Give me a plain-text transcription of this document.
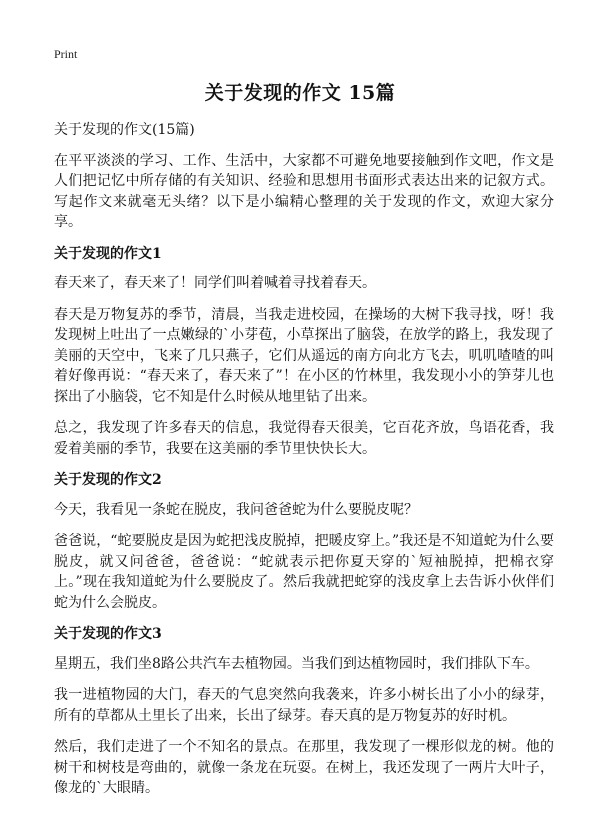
Print
关于发现的作文 15篇

关于发现的作文(15篇)

在平平淡淡的学习、工作、生活中，大家都不可避免地要接触到作文吧，作文是人们把记忆中所存储的有关知识、经验和思想用书面形式表达出来的记叙方式。写起作文来就毫无头绪？以下是小编精心整理的关于发现的作文，欢迎大家分享。

关于发现的作文1

春天来了，春天来了！同学们叫着喊着寻找着春天。

春天是万物复苏的季节，清晨，当我走进校园，在操场的大树下我寻找，呀！我发现树上吐出了一点嫩绿的`小芽苞，小草探出了脑袋，在放学的路上，我发现了美丽的天空中，飞来了几只燕子，它们从遥远的南方向北方飞去，叽叽喳喳的叫着好像再说：“春天来了，春天来了”！在小区的竹林里，我发现小小的笋芽儿也探出了小脑袋，它不知是什么时候从地里钻了出来。

总之，我发现了许多春天的信息，我觉得春天很美，它百花齐放，鸟语花香，我爱着美丽的季节，我要在这美丽的季节里快快长大。

关于发现的作文2

今天，我看见一条蛇在脱皮，我问爸爸蛇为什么要脱皮呢？

爸爸说，“蛇要脱皮是因为蛇把浅皮脱掉，把暖皮穿上。”我还是不知道蛇为什么要脱皮，就又问爸爸，爸爸说：“蛇就表示把你夏天穿的`短袖脱掉，把棉衣穿上。”现在我知道蛇为什么要脱皮了。然后我就把蛇穿的浅皮拿上去告诉小伙伴们蛇为什么会脱皮。

关于发现的作文3

星期五，我们坐8路公共汽车去植物园。当我们到达植物园时，我们排队下车。

我一进植物园的大门，春天的气息突然向我袭来，许多小树长出了小小的绿芽，所有的草都从土里长了出来，长出了绿芽。春天真的是万物复苏的好时机。

然后，我们走进了一个不知名的景点。在那里，我发现了一棵形似龙的树。他的树干和树枝是弯曲的，就像一条龙在玩耍。在树上，我还发现了一两片大叶子，像龙的`大眼睛。
